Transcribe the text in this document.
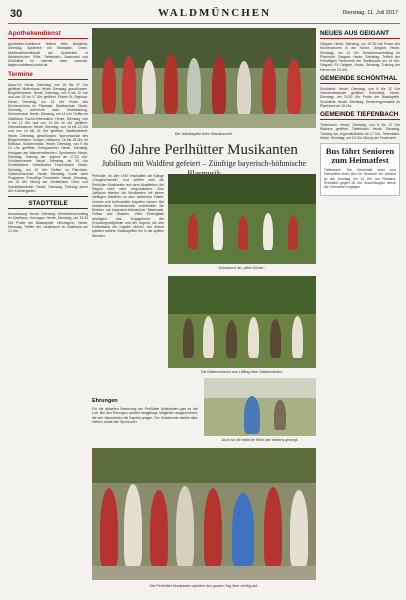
30	WALDMÜNCHEN	Dienstag, 11. Juli 2017
Apothekendienst
Apotheken-Notdienst: Telefon beim Notdienst, Dienstag, Apotheke am Stadtplatz, Cham. Notdienstbereitschaft der Apotheken in Waldmünchen, Rötz, Tiefenbach, Stamsried und Schönthal im Internet unter www.lak-bayern.notdienst-portal.de.
Termine
Aqua-Fit: Heute, Dienstag, von 16 bis 17 Uhr geöffnet. Mutterhaus: Heute, Dienstag, geschlossen. Bürgerbücherei: Heute, Dienstag, von 9 bis 12 Uhr und von 15 bis 17 Uhr geöffnet. Pfarrei St. Stephan: Heute, Dienstag, um 19 Uhr Probe des Kirchenchores im Pfarrsaal. Musikschule: Heute, Dienstag, Unterricht nach Vereinbarung. Seniorenclub: Heute, Dienstag, um 14 Uhr Treffen im Gasthaus. Tourist-Information: Heute, Dienstag, von 9 bis 12 Uhr und von 14 bis 16 Uhr geöffnet. Heimatmuseum: Heute, Dienstag, von 10 bis 12 Uhr und von 14 bis 16 Uhr geöffnet. Stadtbücherei: Heute, Dienstag, geschlossen. Sprechstunde des Bürgermeisters: morgen, Mittwoch, 16 bis 18 Uhr, im Rathaus. Schwimmbad: Heute, Dienstag, von 9 bis 20 Uhr geöffnet. Kneippverein: Heute, Dienstag, Kneippen am Wassertretbecken. Sportverein: Heute, Dienstag, Training der Jugend ab 17.30 Uhr. Schützenverein: Heute, Dienstag, ab 19 Uhr Schießabend. Katholischer Frauenbund: Heute, Dienstag, um 19 Uhr Treffen im Pfarrheim. Volkshochschule: Heute, Dienstag, Kurse nach Programm. Freiwillige Feuerwehr: Heute, Dienstag, um 19 Uhr Übung am Gerätehaus. Obst- und Gartenbauverein: Heute, Dienstag, Führung durch den Kräutergarten.
STADTTEILE
Arnschwang: Heute, Dienstag, Seniorennachmittag im Gasthaus. Herzogau: Heute, Dienstag, um 19.30 Uhr Probe der Blaskapelle. Ulrichsgrün: Heute, Dienstag, Treffen der Landfrauen im Gasthaus um 14 Uhr.
Die Jubelkapelle beim Standkonzert.
60 Jahre Perlhütter Musikanten
Jubiläum mit Waldfest gefeiert – Zünftige bayerisch-böhmische
Perlhütte. Im Jahr 1957 erschallten die Klänge „Gaugeschwindt“, und seither sind die Perlhütter Musikanten aus dem Musikleben der Region nicht mehr wegzudenken. Zum Jubiläum feierten die Musikanten mit einem zünftigen Waldfest, zu dem zahlreiche Gäste, Vereine und befreundete Kapellen kamen. Bei strahlendem Sonnenschein unterhielten die Musiker mit bayerisch-böhmischer Blasmusik, Polkas und Walzern. Viele Ehrengäste würdigten das Engagement der Gründungsmitglieder und der Jugend, die den Fortbestand der Kapelle sichern. Am Abend spielten weitere Gastkapellen bis in die späten Stunden.
Aufmarsch der „Alten Böcke“.
Die Böllerschützen aus Löffing beim Salutschießen.
Auch für die leibliche Wohl war bestens gesorgt.
Ehrungen
Für die aktuellen Besetzung der Perlhütter Musikanten gab es viel Lob. Bei den Ehrungen wurden langjährige Mitglieder ausgezeichnet, die seit Jahrzehnten die Kapelle prägen. Der Vorsitzende dankte allen Helfern sowie den Sponsoren.
Die Perlhütter Musikanten spielten den ganzen Tag über zünftig auf.
NEUES AUS GEIGANT
Geigant: Heute, Dienstag, um 19.30 Uhr Probe des Kirchenchores in der Kirche. Geigant: Heute, Dienstag, um 14 Uhr Seniorennachmittag im Pfarrheim. Geigant: Heute, Dienstag, Treffen der Freiwilligen Feuerwehr am Gerätehaus um 19 Uhr. Geigant: SV Geigant, Heute, Dienstag, Training der Herren um 19 Uhr.
GEMEINDE SCHÖNTHAL
Schönthal: Heute, Dienstag, von 8 bis 12 Uhr Gemeindekanzlei geöffnet. Schönthal: Heute, Dienstag, um 19.30 Uhr Probe der Blaskapelle. Schönthal: Heute, Dienstag, Seniorengymnastik im Pfarrheim um 15 Uhr.
GEMEINDE TIEFENBACH
Tiefenbach: Heute, Dienstag, von 8 bis 12 Uhr Rathaus geöffnet. Tiefenbach: Heute, Dienstag, Training der Jugendfußballer ab 17 Uhr. Tiefenbach: Heute, Dienstag, um 19 Uhr Übung der Feuerwehr.
Bus fährt Senioren zum Heimatfest
Tiefenbach. Die Gemeinde setzt zum Heimatfest einen Bus für Senioren ein. Abfahrt ist am Sonntag um 13 Uhr am Rathaus, Rückfahrt gegen 18 Uhr. Anmeldungen nimmt die Gemeinde entgegen.
